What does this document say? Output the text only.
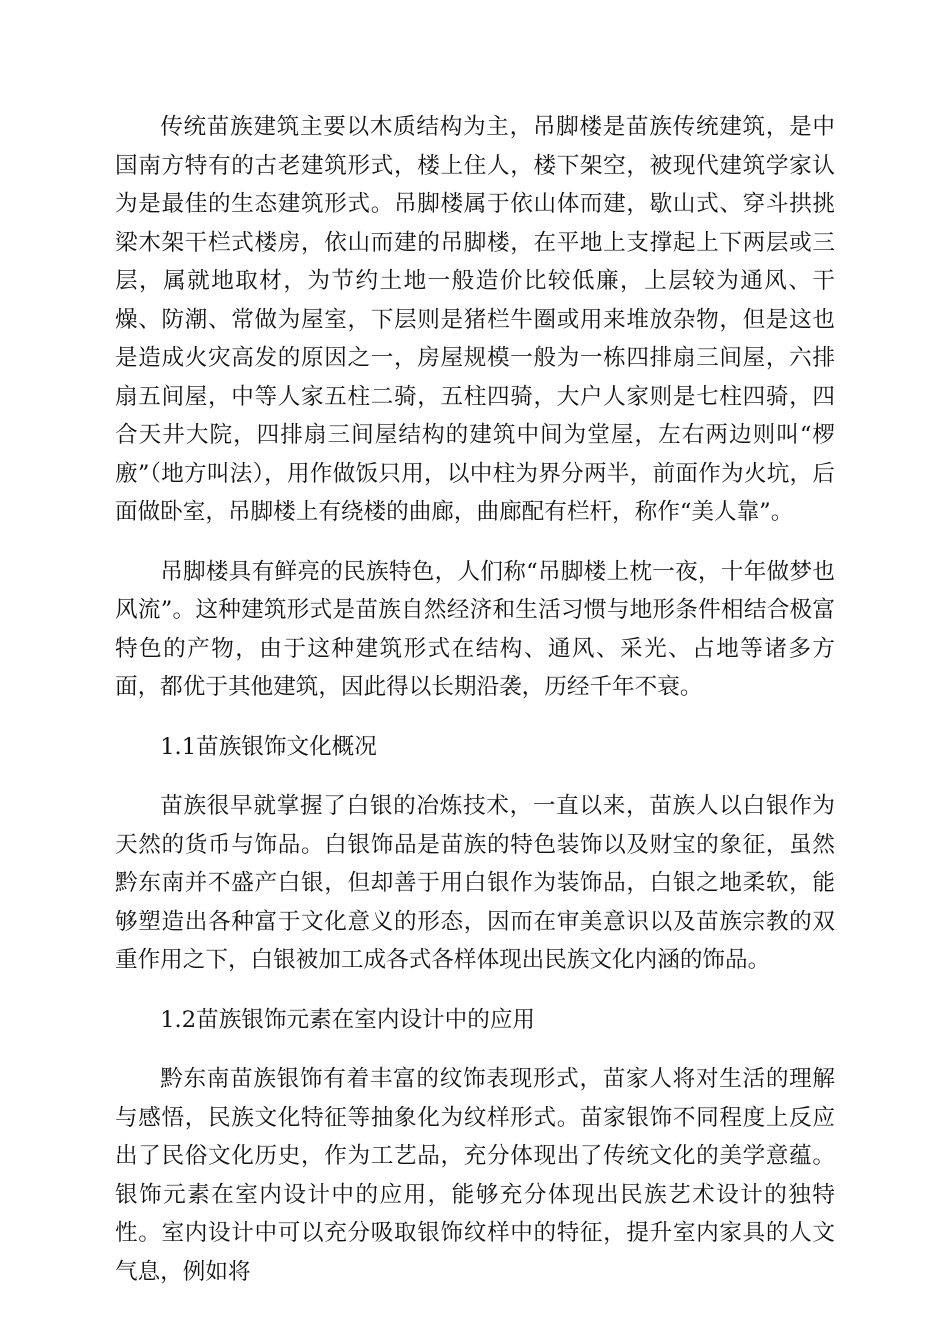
传统苗族建筑主要以木质结构为主，吊脚楼是苗族传统建筑，是中国南方特有的古老建筑形式，楼上住人，楼下架空，被现代建筑学家认为是最佳的生态建筑形式。吊脚楼属于依山体而建，歇山式、穿斗拱挑梁木架干栏式楼房，依山而建的吊脚楼，在平地上支撑起上下两层或三层，属就地取材，为节约土地一般造价比较低廉，上层较为通风、干燥、防潮、常做为屋室，下层则是猪栏牛圈或用来堆放杂物，但是这也是造成火灾高发的原因之一，房屋规模一般为一栋四排扇三间屋，六排扇五间屋，中等人家五柱二骑，五柱四骑，大户人家则是七柱四骑，四合天井大院，四排扇三间屋结构的建筑中间为堂屋，左右两边则叫“椤廒”（地方叫法），用作做饭只用，以中柱为界分两半，前面作为火坑，后面做卧室，吊脚楼上有绕楼的曲廊，曲廊配有栏杆，称作“美人靠”。

吊脚楼具有鲜亮的民族特色，人们称“吊脚楼上枕一夜，十年做梦也风流”。这种建筑形式是苗族自然经济和生活习惯与地形条件相结合极富特色的产物，由于这种建筑形式在结构、通风、采光、占地等诸多方面，都优于其他建筑，因此得以长期沿袭，历经千年不衰。

1.1苗族银饰文化概况

苗族很早就掌握了白银的冶炼技术，一直以来，苗族人以白银作为天然的货币与饰品。白银饰品是苗族的特色装饰以及财宝的象征，虽然黔东南并不盛产白银，但却善于用白银作为装饰品，白银之地柔软，能够塑造出各种富于文化意义的形态，因而在审美意识以及苗族宗教的双重作用之下，白银被加工成各式各样体现出民族文化内涵的饰品。

1.2苗族银饰元素在室内设计中的应用

黔东南苗族银饰有着丰富的纹饰表现形式，苗家人将对生活的理解与感悟，民族文化特征等抽象化为纹样形式。苗家银饰不同程度上反应出了民俗文化历史，作为工艺品，充分体现出了传统文化的美学意蕴。银饰元素在室内设计中的应用，能够充分体现出民族艺术设计的独特性。室内设计中可以充分吸取银饰纹样中的特征，提升室内家具的人文气息，例如将
